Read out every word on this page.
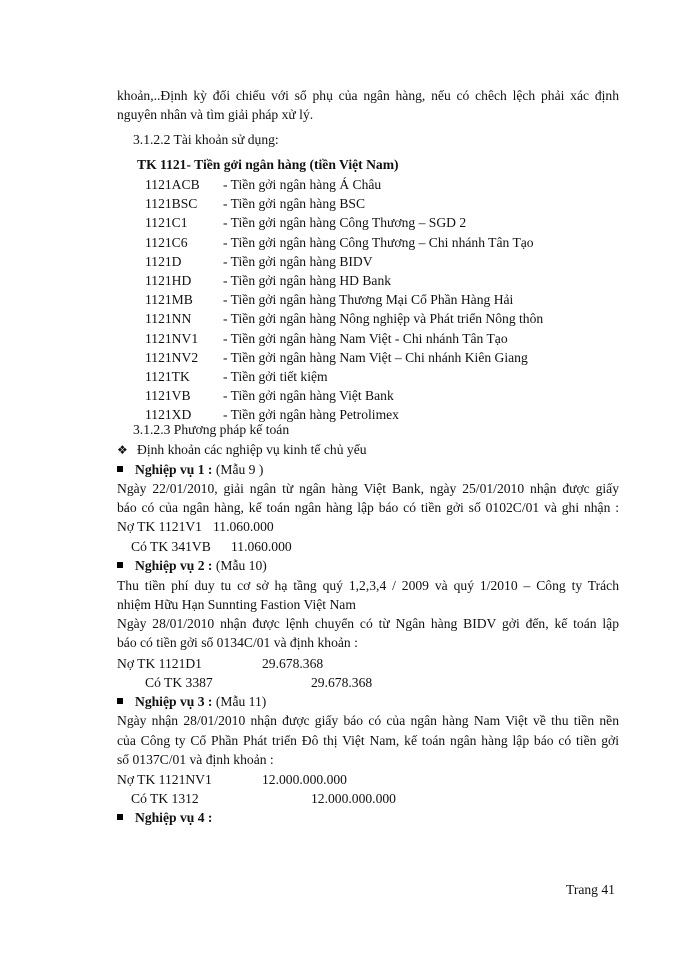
khoản,..Định kỳ đối chiếu với sổ phụ của ngân hàng, nếu có chêch lệch phải xác định
nguyên nhân và tìm giải pháp xử lý.
3.1.2.2 Tài khoản sử dụng:
TK 1121- Tiền gởi ngân hàng (tiền Việt Nam)
1121ACB - Tiền gởi ngân hàng Á Châu
1121BSC - Tiền gởi ngân hàng BSC
1121C1	- Tiền gởi ngân hàng Công Thương – SGD 2
1121C6	- Tiền gởi ngân hàng Công Thương – Chi nhánh Tân Tạo
1121D	- Tiền gởi ngân hàng BIDV
1121HD - Tiền gởi ngân hàng HD Bank
1121MB - Tiền gởi ngân hàng Thương Mại Cổ Phần Hàng Hải
1121NN - Tiền gởi ngân hàng Nông nghiệp và Phát triển Nông thôn
1121NV1 - Tiền gởi ngân hàng Nam Việt - Chi nhánh Tân Tạo
1121NV2 - Tiền gởi ngân hàng Nam Việt – Chi nhánh Kiên Giang
1121TK - Tiền gởi tiết kiệm
1121VB - Tiền gởi ngân hàng Việt Bank
1121XD - Tiền gởi ngân hàng Petrolimex
3.1.2.3 Phương pháp kế toán
❖ Định khoản các nghiệp vụ kinh tế chủ yếu
Nghiệp vụ 1 : (Mẫu 9 )
Ngày 22/01/2010, giải ngân từ ngân hàng Việt Bank, ngày 25/01/2010 nhận được giấy
báo có của ngân hàng, kế toán ngân hàng lập báo có tiền gởi số 0102C/01 và ghi nhận :
Nợ TK 1121V1 11.060.000
Có TK 341VB 11.060.000
Nghiệp vụ 2 : (Mẫu 10)
Thu tiền phí duy tu cơ sở hạ tầng quý 1,2,3,4 / 2009 và quý 1/2010 – Công ty Trách
nhiệm Hữu Hạn Sunnting Fastion Việt Nam
Ngày 28/01/2010 nhận được lệnh chuyển có từ Ngân hàng BIDV gởi đến, kế toán lập
báo có tiền gởi số 0134C/01 và định khoản :
Nợ TK 1121D1	29.678.368
Có TK 3387	29.678.368
Nghiệp vụ 3 : (Mẫu 11)
Ngày nhận 28/01/2010 nhận được giấy báo có của ngân hàng Nam Việt về thu tiền nền
của Công ty Cổ Phần Phát triển Đô thị Việt Nam, kế toán ngân hàng lập báo có tiền gởi
số 0137C/01 và định khoản :
Nợ TK 1121NV1	12.000.000.000
Có TK 1312	12.000.000.000
Nghiệp vụ 4 :
Trang 41
